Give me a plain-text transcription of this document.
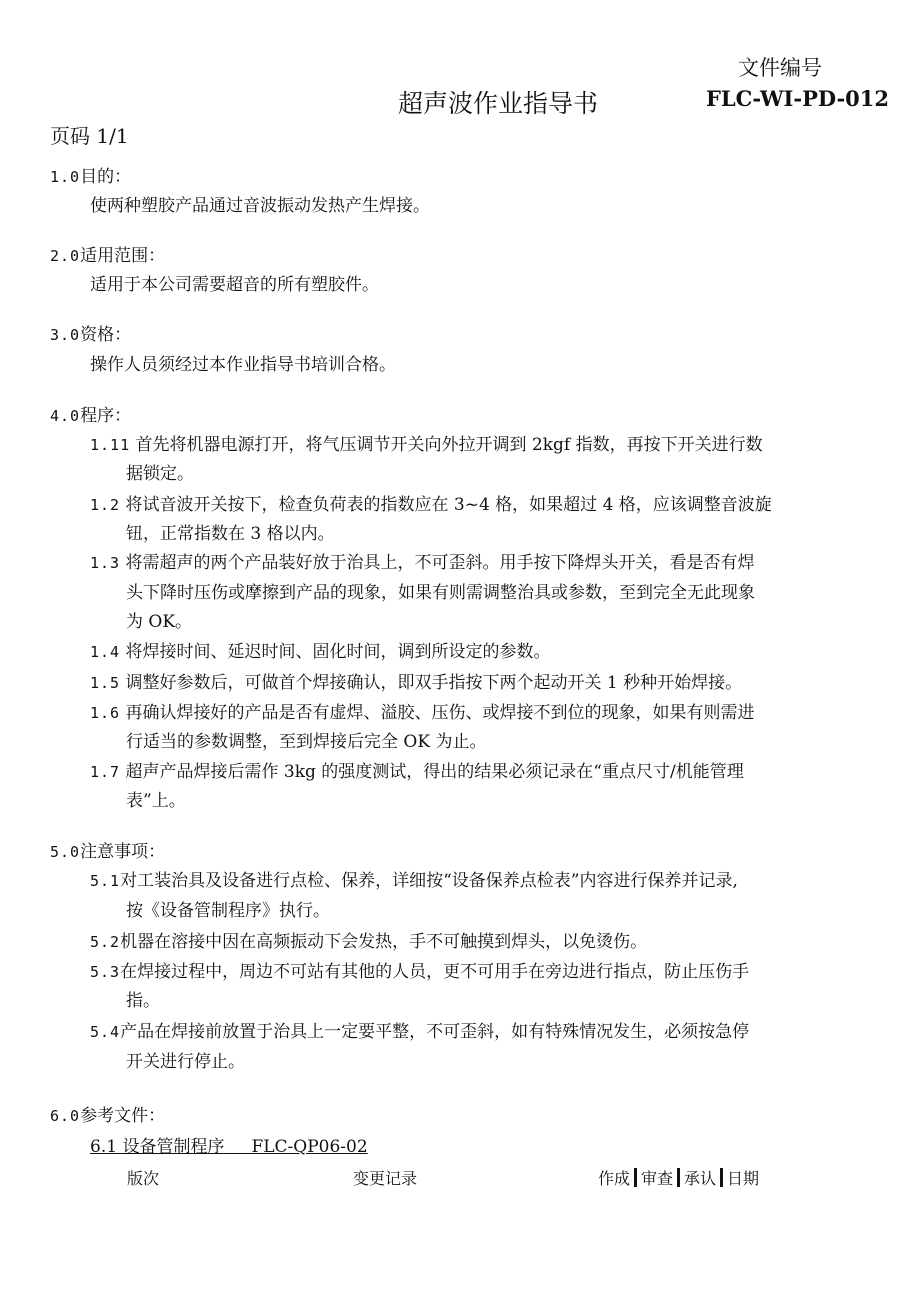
文件编号
超声波作业指导书	FLC-WI-PD-012
页码 1/1
1.0目的：
使两种塑胶产品通过音波振动发热产生焊接。
2.0适用范围：
适用于本公司需要超音的所有塑胶件。
3.0资格：
操作人员须经过本作业指导书培训合格。
4.0程序：
1.11 首先将机器电源打开，将气压调节开关向外拉开调到 2kgf 指数，再按下开关进行数
据锁定。
1.2 将试音波开关按下，检查负荷表的指数应在 3~4 格，如果超过 4 格，应该调整音波旋
钮，正常指数在 3 格以内。
1.3 将需超声的两个产品装好放于治具上，不可歪斜。用手按下降焊头开关，看是否有焊
头下降时压伤或摩擦到产品的现象，如果有则需调整治具或参数，至到完全无此现象
为 OK。
1.4 将焊接时间、延迟时间、固化时间，调到所设定的参数。
1.5 调整好参数后，可做首个焊接确认，即双手指按下两个起动开关 1 秒种开始焊接。
1.6 再确认焊接好的产品是否有虚焊、溢胶、压伤、或焊接不到位的现象，如果有则需进
行适当的参数调整，至到焊接后完全 OK 为止。
1.7 超声产品焊接后需作 3kg 的强度测试，得出的结果必须记录在“重点尺寸/机能管理
表”上。
5.0注意事项：
5.1对工装治具及设备进行点检、保养，详细按“设备保养点检表”内容进行保养并记录,
按《设备管制程序》执行。
5.2机器在溶接中因在高频振动下会发热，手不可触摸到焊头，以免烫伤。
5.3在焊接过程中，周边不可站有其他的人员，更不可用手在旁边进行指点，防止压伤手
指。
5.4产品在焊接前放置于治具上一定要平整，不可歪斜，如有特殊情况发生，必须按急停
开关进行停止。
6.0参考文件：
6.1 设备管制程序     FLC-QP06-02
版次	变更记录	作成 审查 承认 日期
